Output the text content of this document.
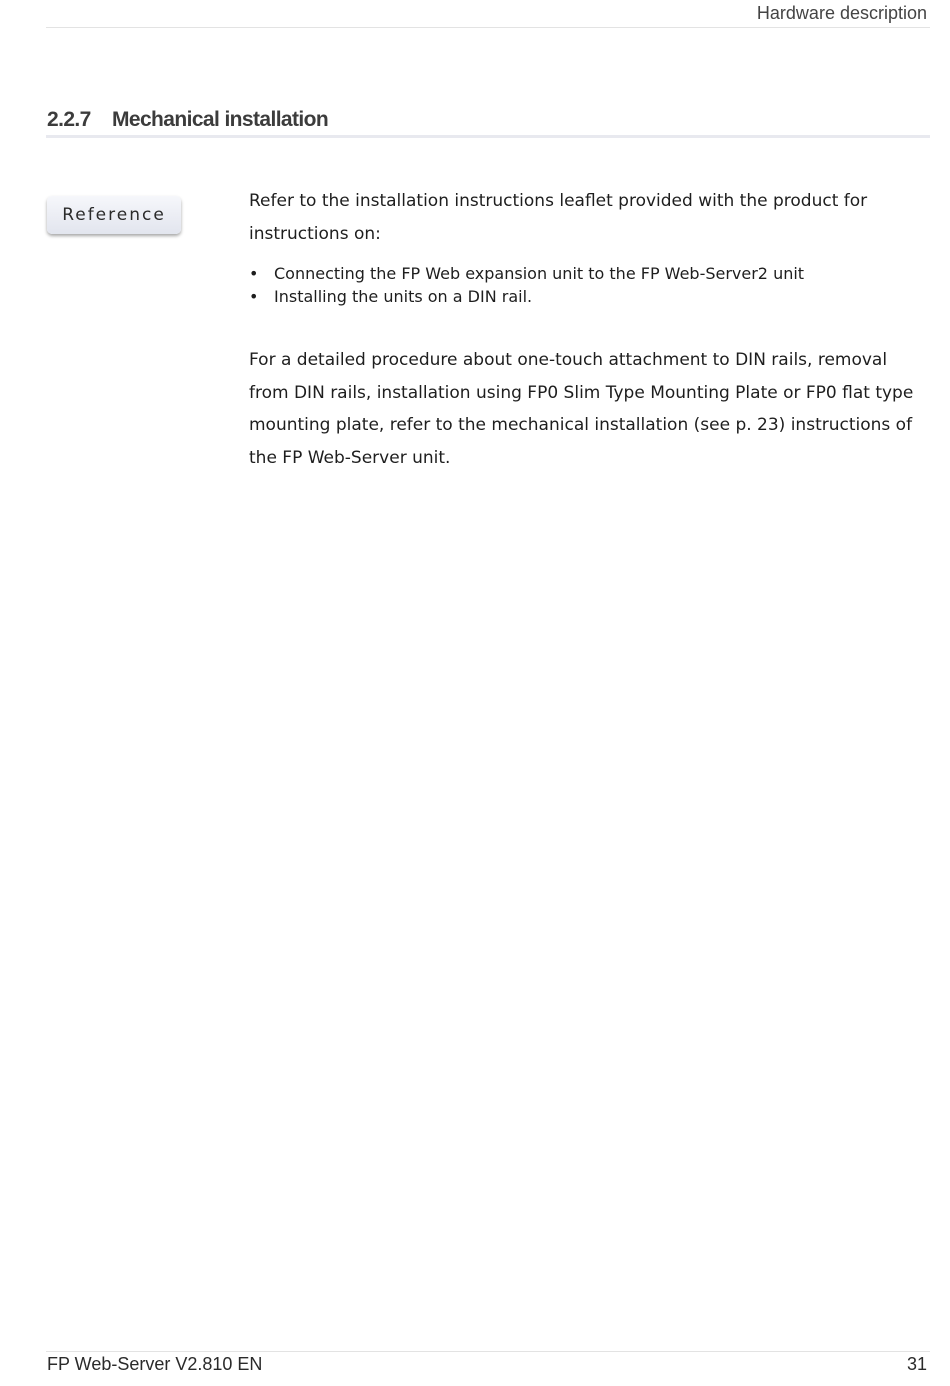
Hardware description
2.2.7 Mechanical installation
Reference

Refer to the installation instructions leaflet provided with the product for instructions on:

• Connecting the FP Web expansion unit to the FP Web-Server2 unit
• Installing the units on a DIN rail.

For a detailed procedure about one-touch attachment to DIN rails, removal from DIN rails, installation using FP0 Slim Type Mounting Plate or FP0 flat type mounting plate, refer to the mechanical installation (see p. 23) instructions of the FP Web-Server unit.

FP Web-Server V2.810 EN	31
